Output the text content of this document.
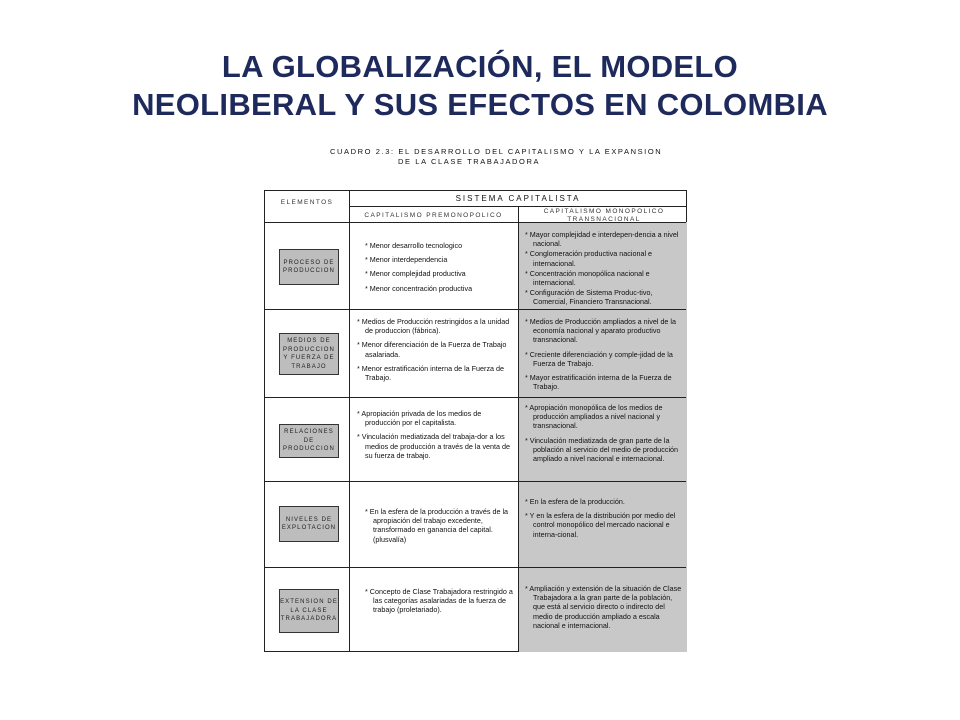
LA GLOBALIZACIÓN, EL MODELO
NEOLIBERAL Y SUS EFECTOS EN COLOMBIA
CUADRO 2.3: EL DESARROLLO DEL CAPITALISMO Y LA EXPANSION
DE LA CLASE TRABAJADORA
ELEMENTOS	SISTEMA CAPITALISTA
CAPITALISMO PREMONOPOLICO
CAPITALISMO MONOPOLICO TRANSNACIONAL
PROCESO DE PRODUCCION

* Menor desarrollo tecnologico

* Menor interdependencia

* Menor complejidad productiva

* Menor concentración productiva

* Mayor complejidad e interdepen-dencia a nivel nacional.

* Conglomeración productiva nacional e internacional.

* Concentración monopólica nacional e internacional.

* Configuración de Sistema Produc-tivo, Comercial, Financiero Transnacional.

MEDIOS DE PRODUCCION Y FUERZA DE TRABAJO

* Medios de Producción restringidos a la unidad de produccion (fábrica).

* Menor diferenciación de la Fuerza de Trabajo asalariada.

* Menor estratificación interna de la Fuerza de Trabajo.

* Medios de Producción ampliados a nivel de la economía nacional y aparato productivo transnacional.

* Creciente diferenciación y comple-jidad de la Fuerza de Trabajo.

* Mayor estratificación interna de la Fuerza de Trabajo.

RELACIONES DE PRODUCCION

* Apropiación privada de los medios de producción por el capitalista.

* Vinculación mediatizada del trabaja-dor a los medios de producción a través de la venta de su fuerza de trabajo.

* Apropiación monopólica de los medios de producción ampliados a nivel nacional y transnacional.

* Vinculación mediatizada de gran parte de la población al servicio del medio de producción ampliado a nivel nacional e internacional.

NIVELES DE EXPLOTACION

* En la esfera de la producción a través de la apropiación del trabajo excedente, transformado en ganancia del capital. (plusvalía)

* En la esfera de la producción.

* Y en la esfera de la distribución por medio del control monopólico del mercado nacional e interna-cional.

EXTENSION DE LA CLASE TRABAJADORA

* Concepto de Clase Trabajadora restringido a las categorías asalariadas de la fuerza de trabajo (proletariado).

* Ampliación y extensión de la situación de Clase Trabajadora a la gran parte de la población, que está al servicio directo o indirecto del medio de producción ampliado a escala nacional e internacional.
